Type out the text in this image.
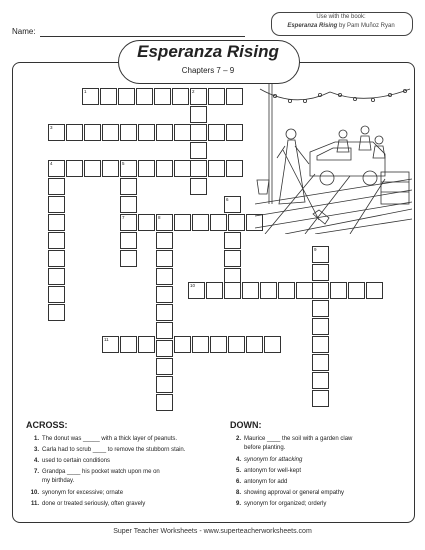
Name:
Use with the book:
Esperanza Rising by Pam Muñoz Ryan
Esperanza Rising
Chapters 7 – 9
1	2
3
4	5
7	8
6
9
10
11
ACROSS:	DOWN:
1. The donut was _____ with a thick layer of peanuts.
3. Carla had to scrub ____ to remove the stubborn stain.
4. used to certain conditions
7. Grandpa ____ his pocket watch upon me on
my birthday.
10. synonym for excessive; ornate
11. done or treated seriously, often gravely
2. Maurice ____ the soil with a garden claw
before planting.
4. synonym for attacking
5. antonym for well-kept
6. antonym for add
8. showing approval or general empathy
9. synonym for organized; orderly
Super Teacher Worksheets - www.superteacherworksheets.com
